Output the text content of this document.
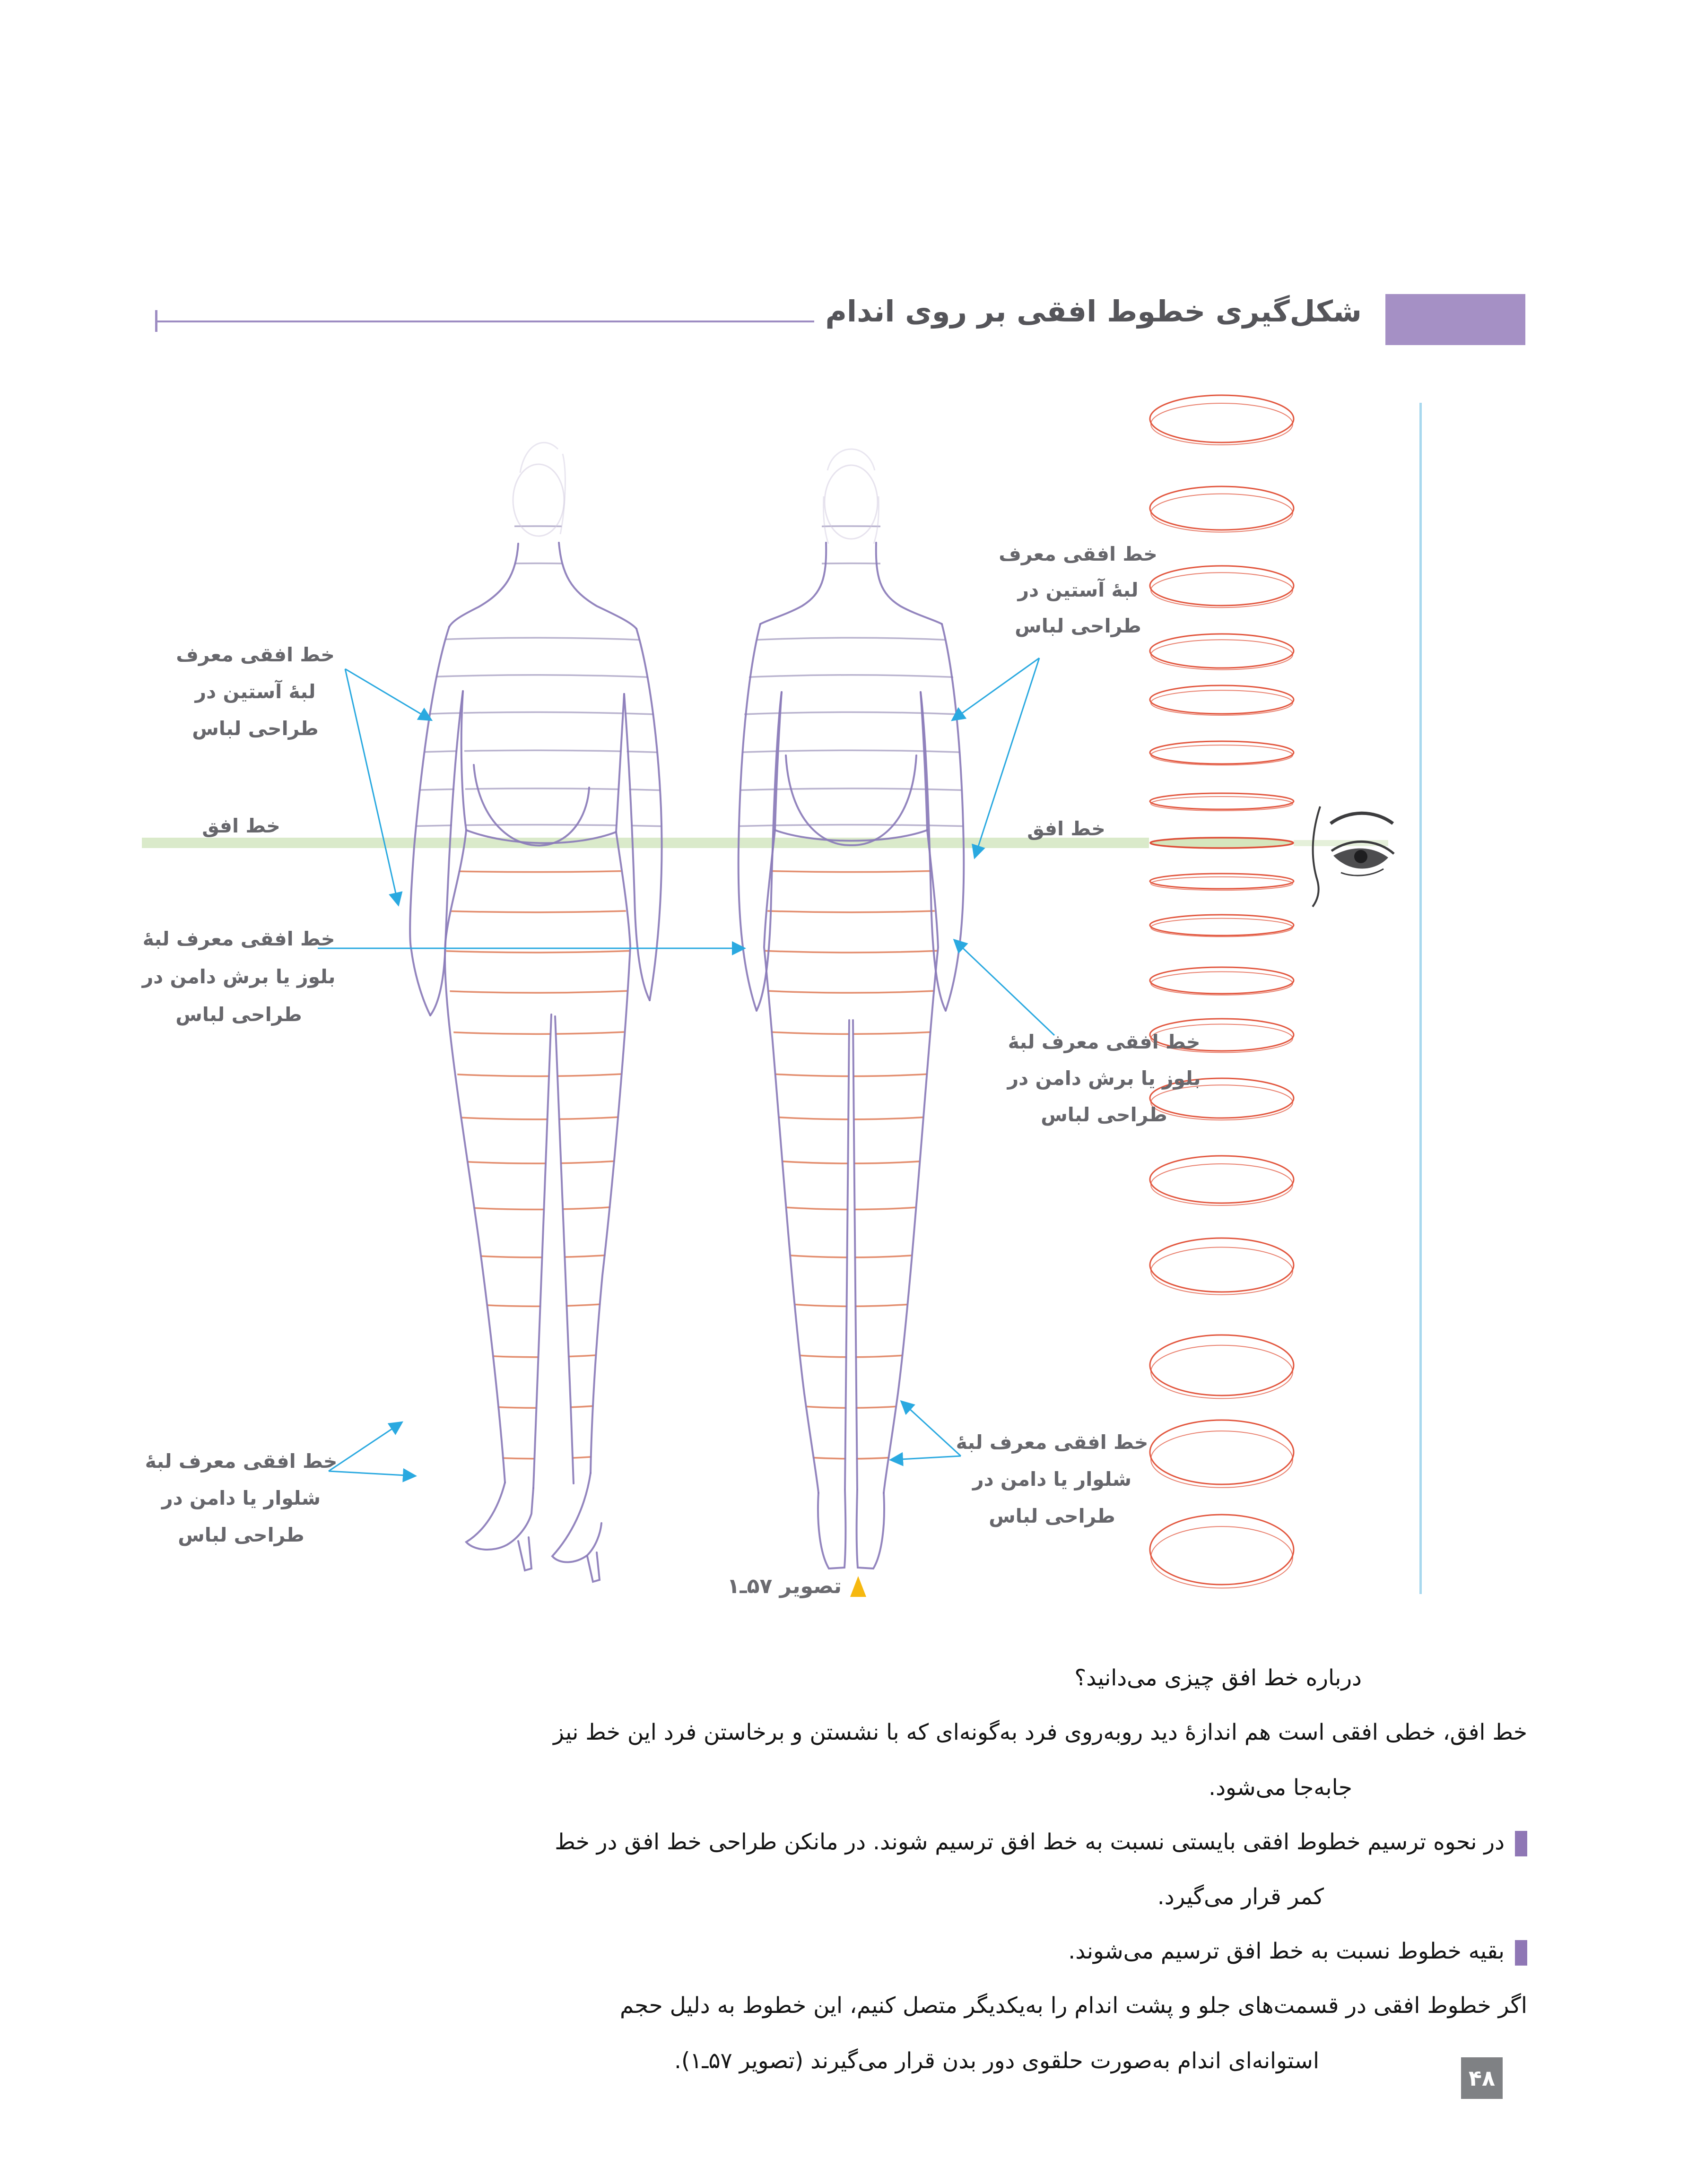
شکل‌گیری خطوط افقی بر روی اندام
خط افقی معرف
لبهٔ آستین در
طراحی لباس
خط افق
خط افقی معرف لبهٔ
بلوز یا برش دامن در
طراحی لباس
خط افقی معرف لبهٔ
شلوار یا دامن در
طراحی لباس
خط افقی معرف
لبهٔ آستین در
طراحی لباس
خط افق
خط افقی معرف لبهٔ
بلوز یا برش دامن در
طراحی لباس
خط افقی معرف لبهٔ
شلوار یا دامن در
طراحی لباس
تصویر ۵۷ـ۱
درباره خط افق چیزی می‌دانید؟
خط افق، خطی افقی است هم اندازهٔ دید روبه‌روی فرد به‌گونه‌ای که با نشستن و برخاستن فرد این خط نیز
جابه‌جا می‌شود.
در نحوه ترسیم خطوط افقی بایستی نسبت به خط افق ترسیم شوند. در مانکن طراحی خط افق در خط
کمر قرار می‌گیرد.
بقیه خطوط نسبت به خط افق ترسیم می‌شوند.
اگر خطوط افقی در قسمت‌های جلو و پشت اندام را به‌یکدیگر متصل کنیم، این خطوط به دلیل حجم
استوانه‌ای اندام به‌صورت حلقوی دور بدن قرار می‌گیرند (تصویر ۵۷ـ۱).
۴۸
